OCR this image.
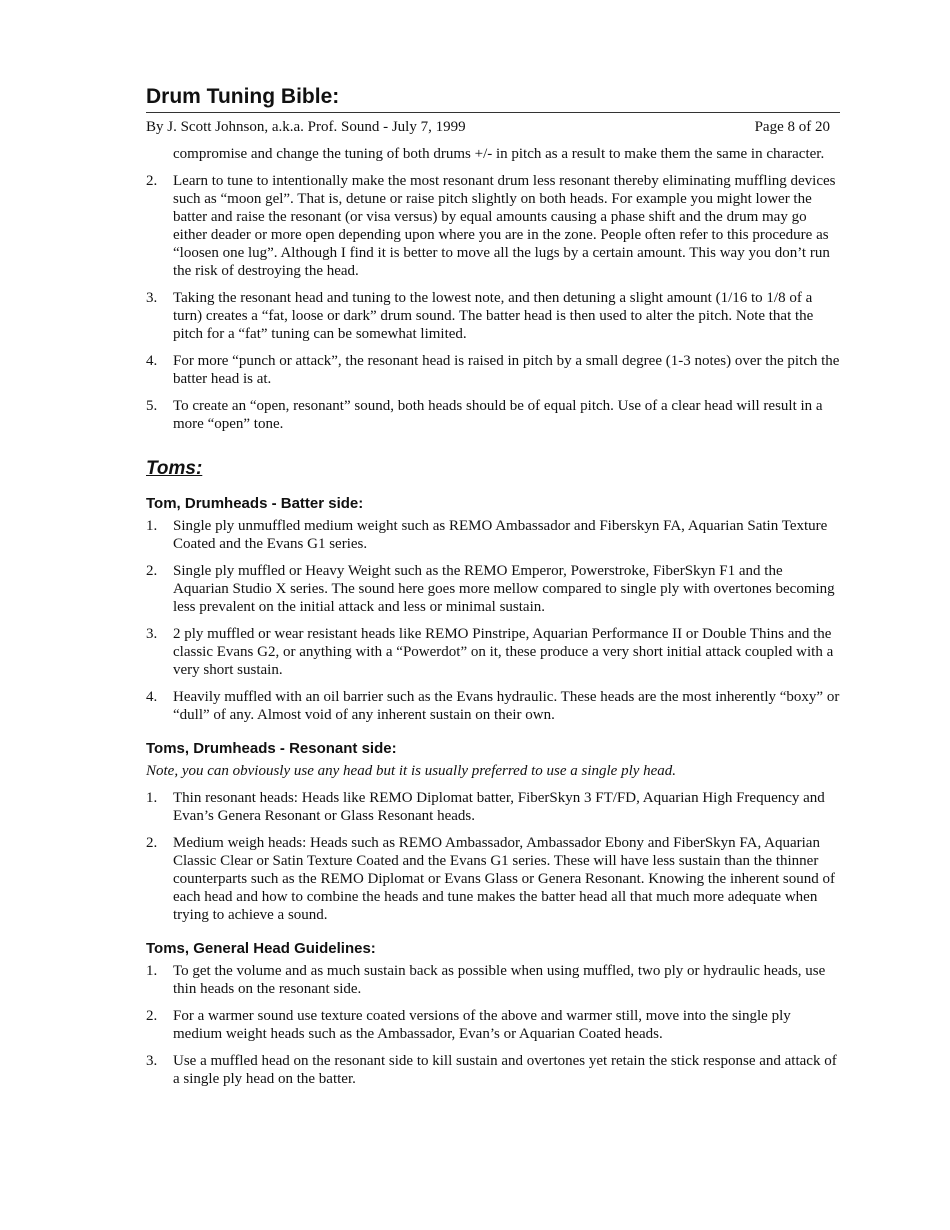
Drum Tuning Bible:
By J. Scott Johnson, a.k.a. Prof. Sound - July 7, 1999	Page 8 of 20

compromise and change the tuning of both drums +/- in pitch as a result to make them the same in character.

2.	Learn to tune to intentionally make the most resonant drum less resonant thereby eliminating muffling devices such as “moon gel”. That is, detune or raise pitch slightly on both heads. For example you might lower the batter and raise the resonant (or visa versus) by equal amounts causing a phase shift and the drum may go either deader or more open depending upon where you are in the zone. People often refer to this procedure as “loosen one lug”. Although I find it is better to move all the lugs by a certain amount. This way you don’t run the risk of destroying the head.
3.	Taking the resonant head and tuning to the lowest note, and then detuning a slight amount (1/16 to 1/8 of a turn) creates a “fat, loose or dark” drum sound. The batter head is then used to alter the pitch. Note that the pitch for a “fat” tuning can be somewhat limited.
4.	For more “punch or attack”, the resonant head is raised in pitch by a small degree (1-3 notes) over the pitch the batter head is at.
5.	To create an “open, resonant” sound, both heads should be of equal pitch. Use of a clear head will result in a more “open” tone.
Toms:
Tom, Drumheads - Batter side:
1.	Single ply unmuffled medium weight such as REMO Ambassador and Fiberskyn FA, Aquarian Satin Texture Coated and the Evans G1 series.
2.	Single ply muffled or Heavy Weight such as the REMO Emperor, Powerstroke, FiberSkyn F1 and the Aquarian Studio X series. The sound here goes more mellow compared to single ply with overtones becoming less prevalent on the initial attack and less or minimal sustain.
3.	2 ply muffled or wear resistant heads like REMO Pinstripe, Aquarian Performance II or Double Thins and the classic Evans G2, or anything with a “Powerdot” on it, these produce a very short initial attack coupled with a very short sustain.
4.	Heavily muffled with an oil barrier such as the Evans hydraulic. These heads are the most inherently “boxy” or “dull” of any. Almost void of any inherent sustain on their own.
Toms, Drumheads - Resonant side:

Note, you can obviously use any head but it is usually preferred to use a single ply head.

1.	Thin resonant heads: Heads like REMO Diplomat batter, FiberSkyn 3 FT/FD, Aquarian High Frequency and Evan’s Genera Resonant or Glass Resonant heads.
2.	Medium weigh heads: Heads such as REMO Ambassador, Ambassador Ebony and FiberSkyn FA, Aquarian Classic Clear or Satin Texture Coated and the Evans G1 series. These will have less sustain than the thinner counterparts such as the REMO Diplomat or Evans Glass or Genera Resonant. Knowing the inherent sound of each head and how to combine the heads and tune makes the batter head all that much more adequate when trying to achieve a sound.
Toms, General Head Guidelines:
1.	To get the volume and as much sustain back as possible when using muffled, two ply or hydraulic heads, use thin heads on the resonant side.
2.	For a warmer sound use texture coated versions of the above and warmer still, move into the single ply medium weight heads such as the Ambassador, Evan’s or Aquarian Coated heads.
3.	Use a muffled head on the resonant side to kill sustain and overtones yet retain the stick response and attack of a single ply head on the batter.
